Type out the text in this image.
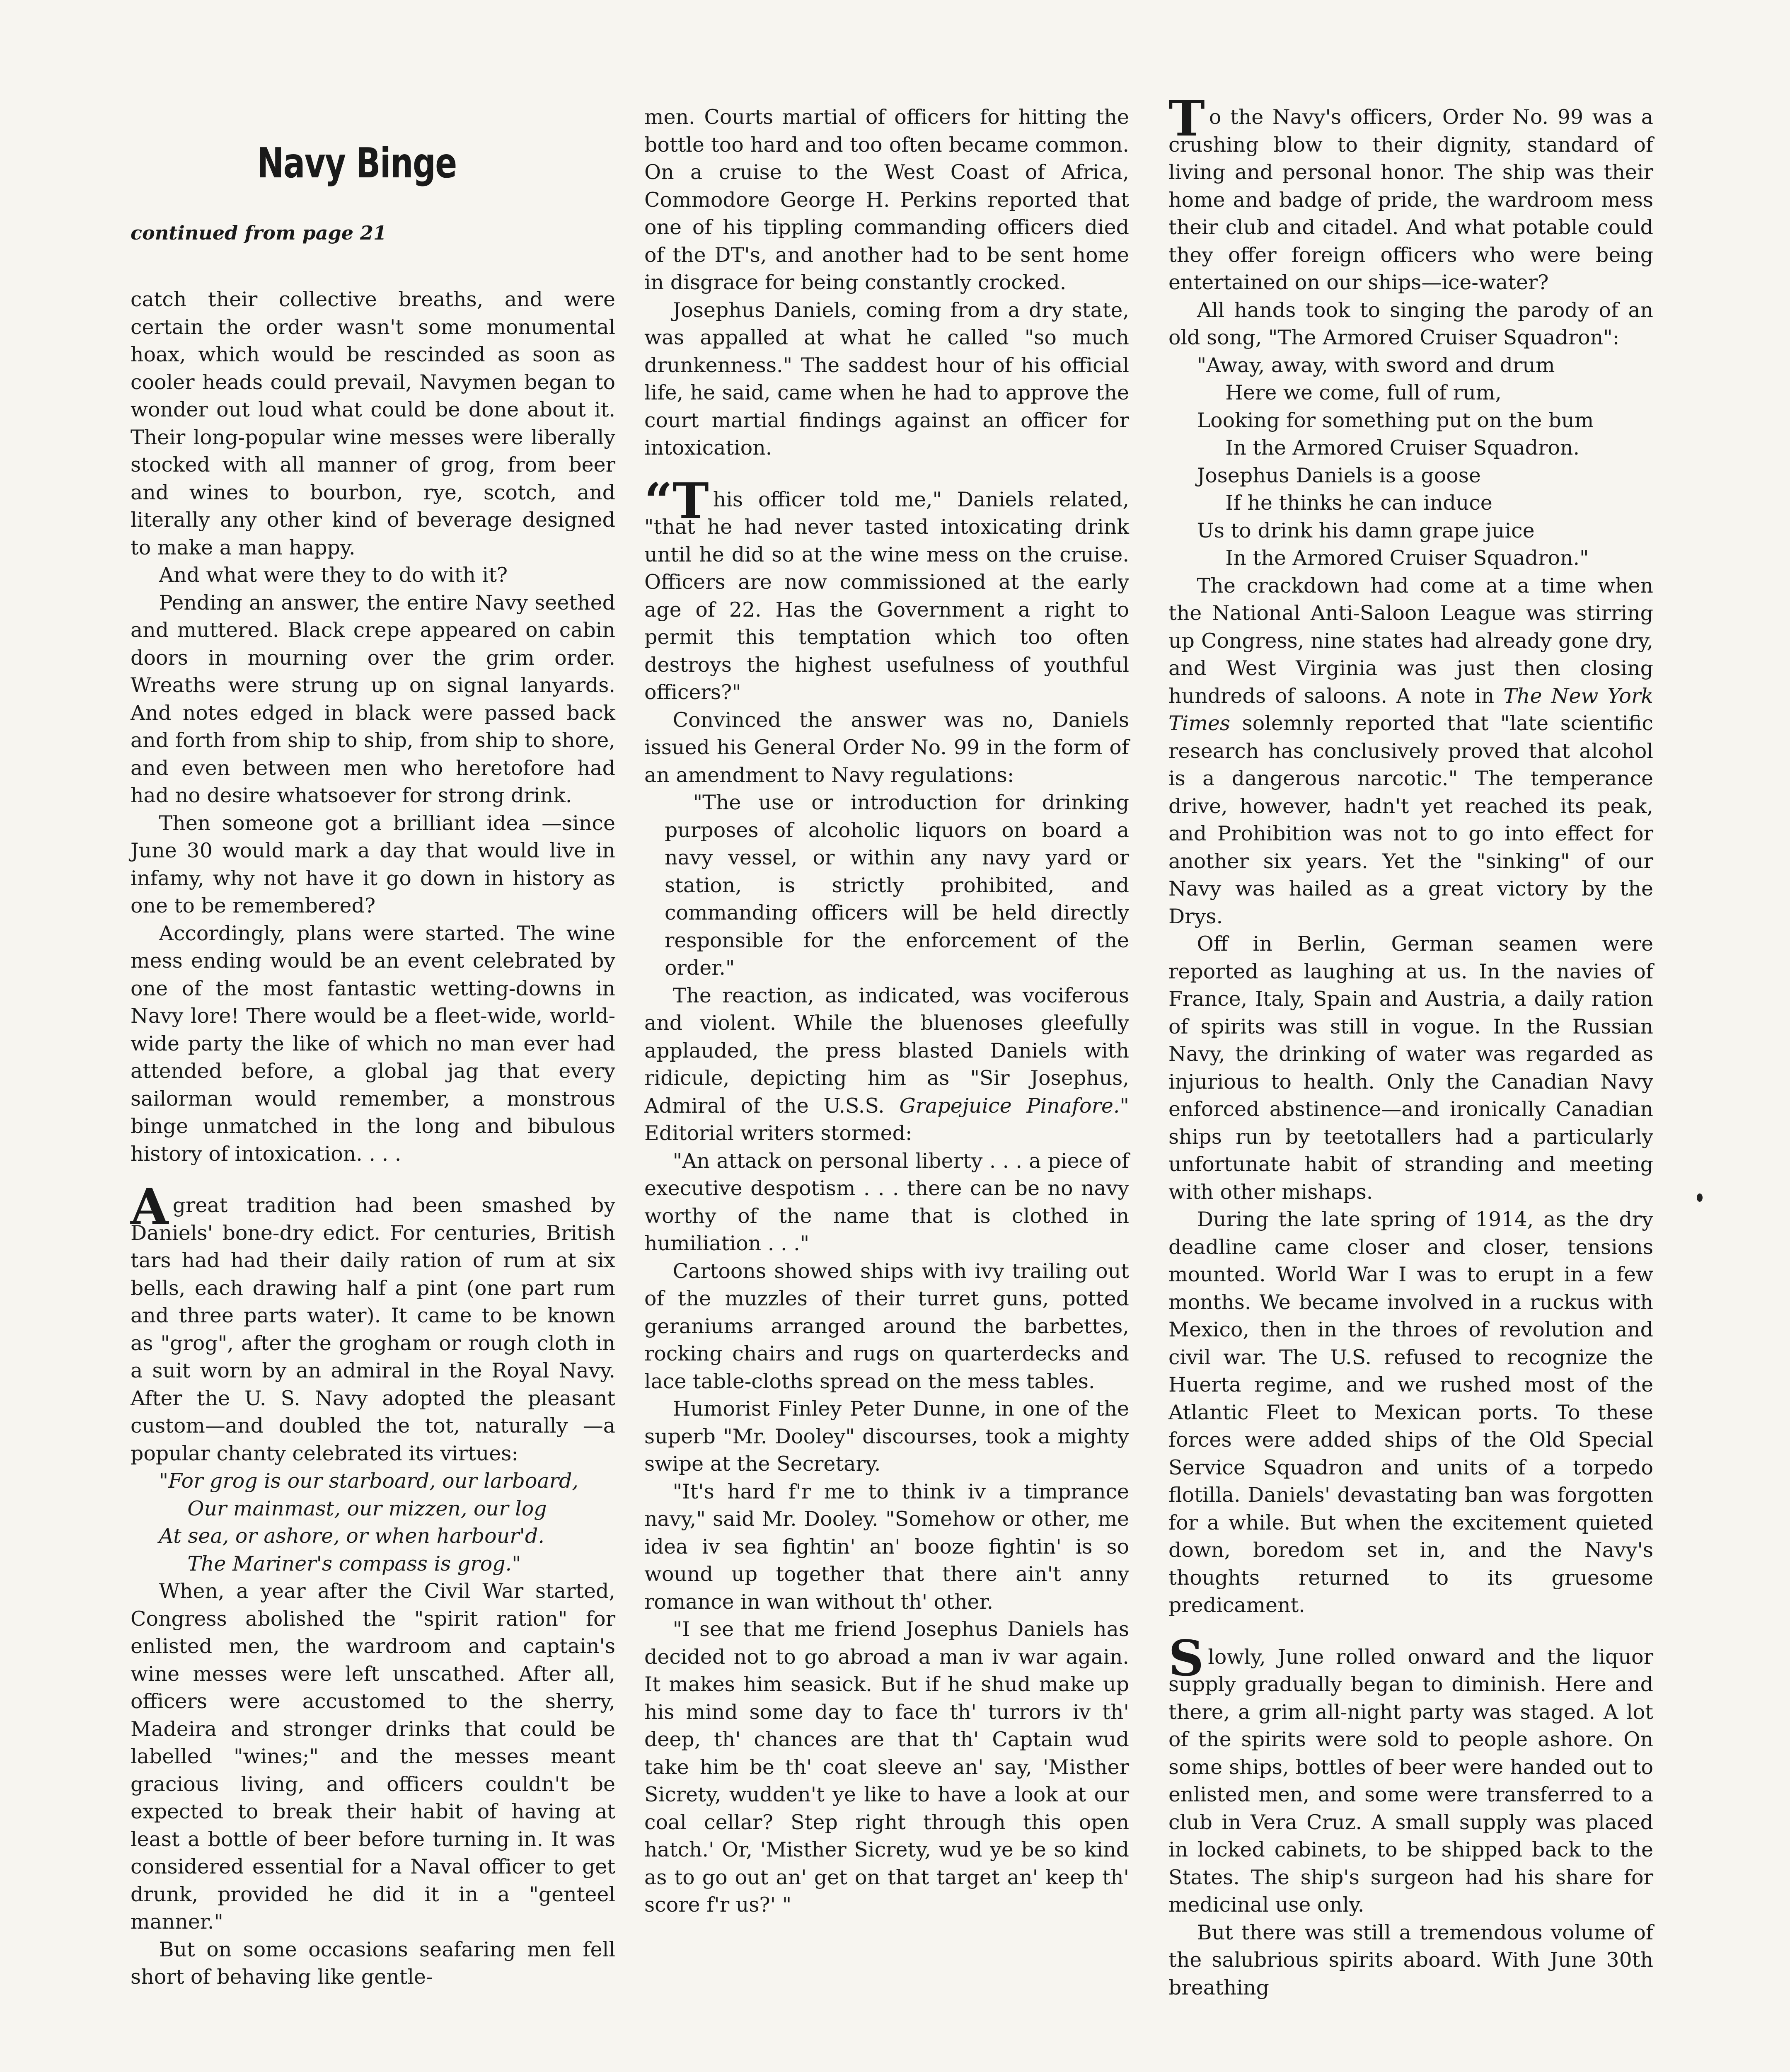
Navy Binge
continued from page 21

catch their collective breaths, and were certain the order wasn't some monumental hoax, which would be rescinded as soon as cooler heads could prevail, Navymen began to wonder out loud what could be done about it. Their long-popular wine messes were liberally stocked with all manner of grog, from beer and wines to bourbon, rye, scotch, and literally any other kind of beverage designed to make a man happy.

And what were they to do with it?

Pending an answer, the entire Navy seethed and muttered. Black crepe appeared on cabin doors in mourning over the grim order. Wreaths were strung up on signal lanyards. And notes edged in black were passed back and forth from ship to ship, from ship to shore, and even between men who heretofore had had no desire whatsoever for strong drink.

Then someone got a brilliant idea —since June 30 would mark a day that would live in infamy, why not have it go down in history as one to be remembered?

Accordingly, plans were started. The wine mess ending would be an event celebrated by one of the most fantastic wetting-downs in Navy lore! There would be a fleet-wide, world-wide party the like of which no man ever had attended before, a global jag that every sailorman would remember, a monstrous binge unmatched in the long and bibulous history of intoxication. . . .

Agreat tradition had been smashed by Daniels' bone-dry edict. For centuries, British tars had had their daily ration of rum at six bells, each drawing half a pint (one part rum and three parts water). It came to be known as "grog", after the grogham or rough cloth in a suit worn by an admiral in the Royal Navy. After the U. S. Navy adopted the pleasant custom—and doubled the tot, naturally —a popular chanty celebrated its virtues:

"For grog is our starboard, our larboard,

Our mainmast, our mizzen, our log

At sea, or ashore, or when harbour'd.

The Mariner's compass is grog."

When, a year after the Civil War started, Congress abolished the "spirit ration" for enlisted men, the wardroom and captain's wine messes were left unscathed. After all, officers were accustomed to the sherry, Madeira and stronger drinks that could be labelled "wines;" and the messes meant gracious living, and officers couldn't be expected to break their habit of having at least a bottle of beer before turning in. It was considered essential for a Naval officer to get drunk, provided he did it in a "genteel manner."

But on some occasions seafaring men fell short of behaving like gentle-

men. Courts martial of officers for hitting the bottle too hard and too often became common. On a cruise to the West Coast of Africa, Commodore George H. Perkins reported that one of his tippling commanding officers died of the DT's, and another had to be sent home in disgrace for being constantly crocked.

Josephus Daniels, coming from a dry state, was appalled at what he called "so much drunkenness." The saddest hour of his official life, he said, came when he had to approve the court martial findings against an officer for intoxication.

“This officer told me," Daniels related, "that he had never tasted intoxicating drink until he did so at the wine mess on the cruise. Officers are now commissioned at the early age of 22. Has the Government a right to permit this temptation which too often destroys the highest usefulness of youthful officers?"

Convinced the answer was no, Daniels issued his General Order No. 99 in the form of an amendment to Navy regulations:

"The use or introduction for drinking purposes of alcoholic liquors on board a navy vessel, or within any navy yard or station, is strictly prohibited, and commanding officers will be held directly responsible for the enforcement of the order."

The reaction, as indicated, was vociferous and violent. While the bluenoses gleefully applauded, the press blasted Daniels with ridicule, depicting him as "Sir Josephus, Admiral of the U.S.S. Grapejuice Pinafore." Editorial writers stormed:

"An attack on personal liberty . . . a piece of executive despotism . . . there can be no navy worthy of the name that is clothed in humiliation . . ."

Cartoons showed ships with ivy trailing out of the muzzles of their turret guns, potted geraniums arranged around the barbettes, rocking chairs and rugs on quarterdecks and lace table-cloths spread on the mess tables.

Humorist Finley Peter Dunne, in one of the superb "Mr. Dooley" discourses, took a mighty swipe at the Secretary.

"It's hard f'r me to think iv a timprance navy," said Mr. Dooley. "Somehow or other, me idea iv sea fightin' an' booze fightin' is so wound up together that there ain't anny romance in wan without th' other.

"I see that me friend Josephus Daniels has decided not to go abroad a man iv war again. It makes him seasick. But if he shud make up his mind some day to face th' turrors iv th' deep, th' chances are that th' Captain wud take him be th' coat sleeve an' say, 'Misther Sicrety, wudden't ye like to have a look at our coal cellar? Step right through this open hatch.' Or, 'Misther Sicrety, wud ye be so kind as to go out an' get on that target an' keep th' score f'r us?' "

To the Navy's officers, Order No. 99 was a crushing blow to their dignity, standard of living and personal honor. The ship was their home and badge of pride, the wardroom mess their club and citadel. And what potable could they offer foreign officers who were being entertained on our ships—ice-water?

All hands took to singing the parody of an old song, "The Armored Cruiser Squadron":

"Away, away, with sword and drum

Here we come, full of rum,

Looking for something put on the bum

In the Armored Cruiser Squadron.

Josephus Daniels is a goose

If he thinks he can induce

Us to drink his damn grape juice

In the Armored Cruiser Squadron."

The crackdown had come at a time when the National Anti-Saloon League was stirring up Congress, nine states had already gone dry, and West Virginia was just then closing hundreds of saloons. A note in The New York Times solemnly reported that "late scientific research has conclusively proved that alcohol is a dangerous narcotic." The temperance drive, however, hadn't yet reached its peak, and Prohibition was not to go into effect for another six years. Yet the "sinking" of our Navy was hailed as a great victory by the Drys.

Off in Berlin, German seamen were reported as laughing at us. In the navies of France, Italy, Spain and Austria, a daily ration of spirits was still in vogue. In the Russian Navy, the drinking of water was regarded as injurious to health. Only the Canadian Navy enforced abstinence—and ironically Canadian ships run by teetotallers had a particularly unfortunate habit of stranding and meeting with other mishaps.

During the late spring of 1914, as the dry deadline came closer and closer, tensions mounted. World War I was to erupt in a few months. We became involved in a ruckus with Mexico, then in the throes of revolution and civil war. The U.S. refused to recognize the Huerta regime, and we rushed most of the Atlantic Fleet to Mexican ports. To these forces were added ships of the Old Special Service Squadron and units of a torpedo flotilla. Daniels' devastating ban was forgotten for a while. But when the excitement quieted down, boredom set in, and the Navy's thoughts returned to its gruesome predicament.

Slowly, June rolled onward and the liquor supply gradually began to diminish. Here and there, a grim all-night party was staged. A lot of the spirits were sold to people ashore. On some ships, bottles of beer were handed out to enlisted men, and some were transferred to a club in Vera Cruz. A small supply was placed in locked cabinets, to be shipped back to the States. The ship's surgeon had his share for medicinal use only.

But there was still a tremendous volume of the salubrious spirits aboard. With June 30th breathing
